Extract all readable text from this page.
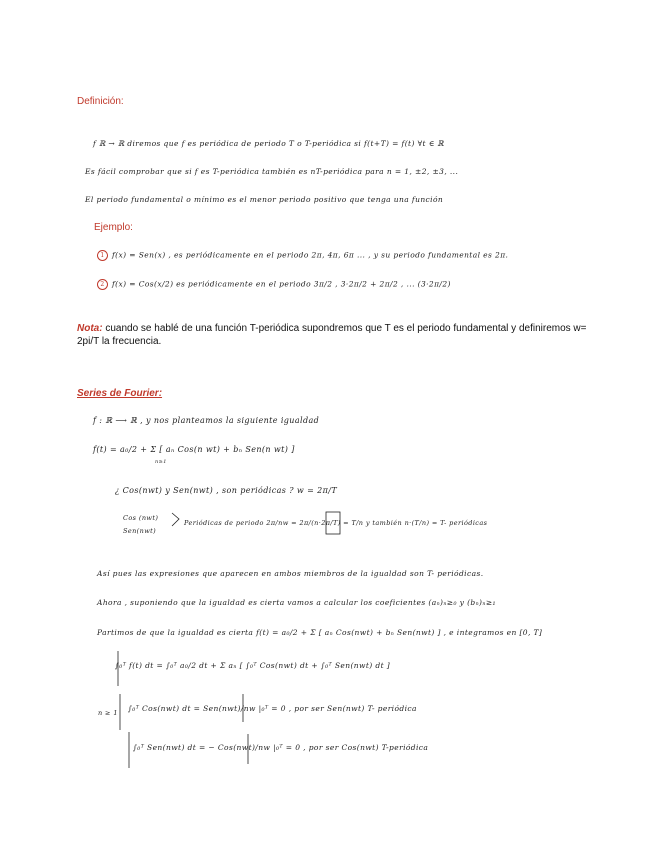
Definición:
f ℝ → ℝ diremos que f es periódica de periodo T o T-periódica si f(t+T) = f(t) ∀t ∈ ℝ
Es fácil comprobar que si f es T-periódica también es nT-periódica para n = 1, ±2, ±3, ...
El periodo fundamental o mínimo es el menor periodo positivo que tenga una función
Ejemplo:
1 f(x) = Sen(x) , es periódicamente en el periodo 2π, 4π, 6π ... , y su periodo fundamental es 2π.
2 f(x) = Cos(x/2) es periódicamente en el periodo 3π/2 , 3·2π/2 + 2π/2 , ... (3·2π/2)
Nota: cuando se hablé de una función T-periódica supondremos que T es el periodo fundamental y definiremos w= 2pi/T la frecuencia.
Series de Fourier:
f : ℝ ⟶ ℝ , y nos planteamos la siguiente igualdad
f(t) = a₀/2 + Σ [ aₙ Cos(n wt) + bₙ Sen(n wt) ]
n≥1
¿ Cos(nwt) y Sen(nwt) , son periódicas ? w = 2π/T
Cos (nwt)
Sen(nwt)
Periódicas de periodo 2π/nw = 2π/(n·2π/T) = T/n y también n·(T/n) = T- periódicas
Así pues las expresiones que aparecen en ambos miembros de la igualdad son T- periódicas.
Ahora , suponiendo que la igualdad es cierta vamos a calcular los coeficientes (aₙ)ₙ≥₀ y (bₙ)ₙ≥₁
Partimos de que la igualdad es cierta f(t) = a₀/2 + Σ [ aₙ Cos(nwt) + bₙ Sen(nwt) ] , e integramos en [0, T]
∫₀ᵀ f(t) dt = ∫₀ᵀ a₀/2 dt + Σ aₙ [ ∫₀ᵀ Cos(nwt) dt + ∫₀ᵀ Sen(nwt) dt ]
n ≥ 1 ∫₀ᵀ Cos(nwt) dt = Sen(nwt)/nw |₀ᵀ = 0 , por ser Sen(nwt) T- periódica
∫₀ᵀ Sen(nwt) dt = − Cos(nwt)/nw |₀ᵀ = 0 , por ser Cos(nwt) T-periódica
